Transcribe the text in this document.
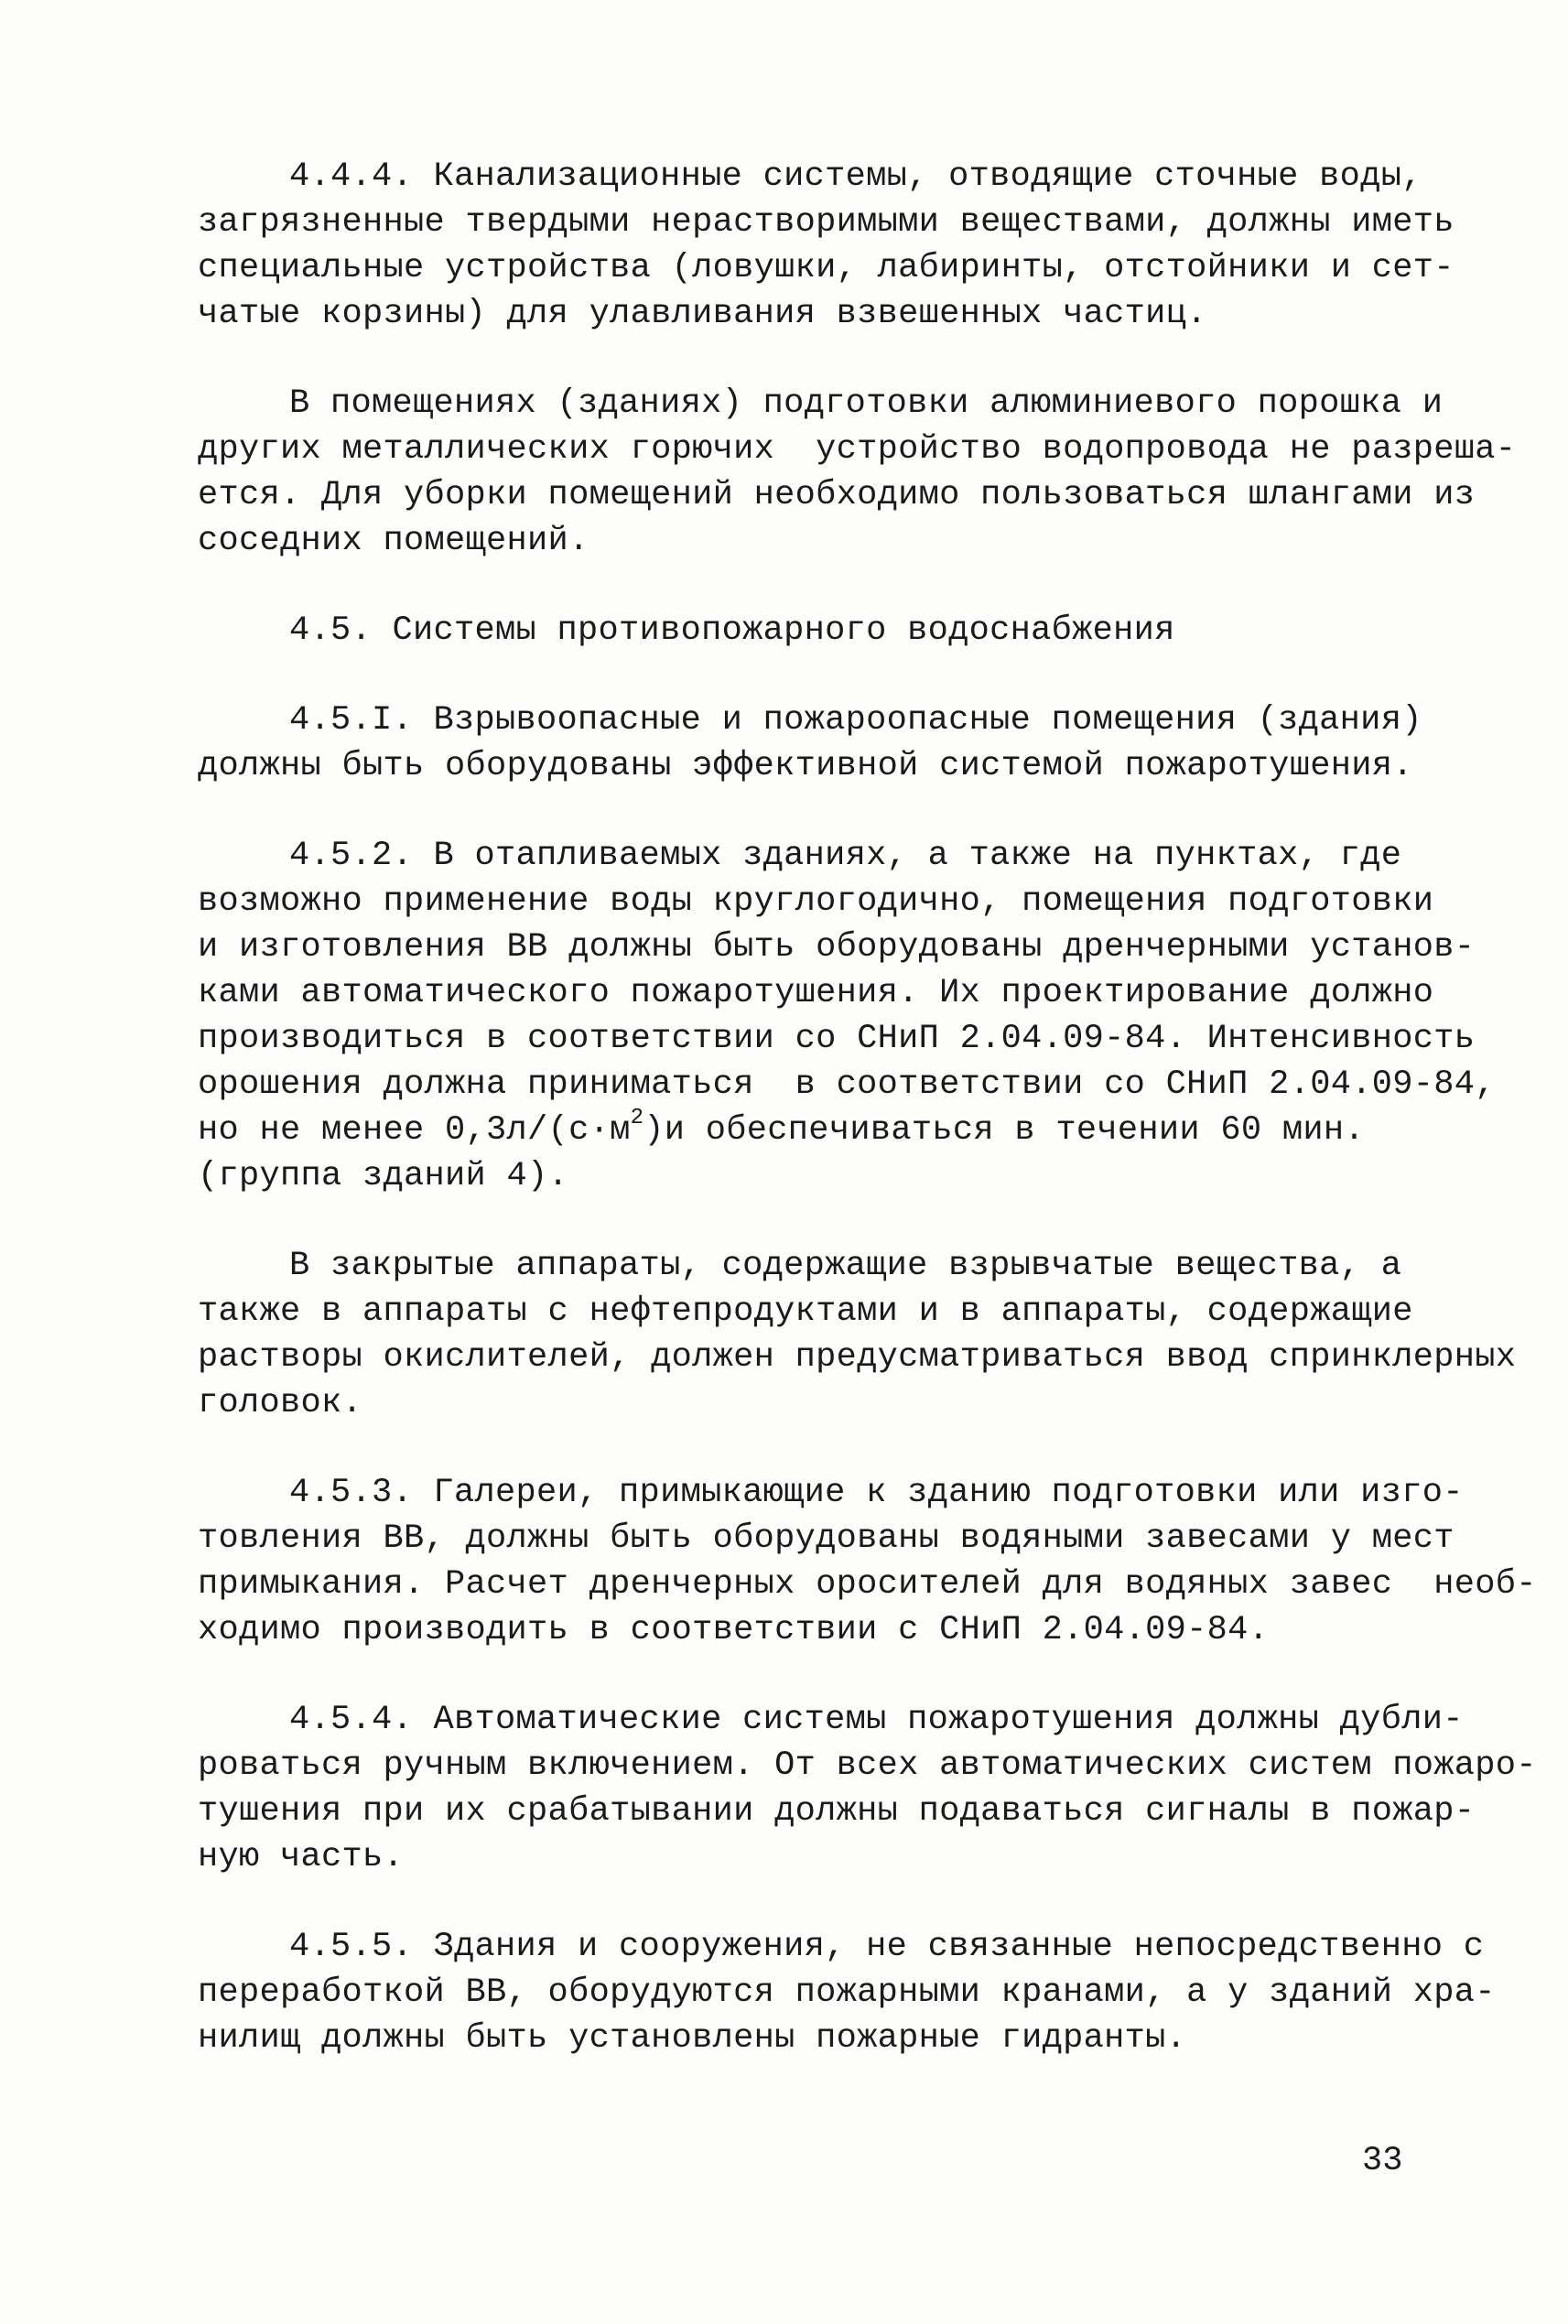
4.4.4. Канализационные системы, отводящие сточные воды,
загрязненные твердыми нерастворимыми веществами, должны иметь
специальные устройства (ловушки, лабиринты, отстойники и сет-
чатые корзины) для улавливания взвешенных частиц.

В помещениях (зданиях) подготовки алюминиевого порошка и
других металлических горючих  устройство водопровода не разреша-
ется. Для уборки помещений необходимо пользоваться шлангами из
соседних помещений.

4.5. Системы противопожарного водоснабжения

4.5.I. Взрывоопасные и пожароопасные помещения (здания)
должны быть оборудованы эффективной системой пожаротушения.

4.5.2. В отапливаемых зданиях, а также на пунктах, где
возможно применение воды круглогодично, помещения подготовки
и изготовления ВВ должны быть оборудованы дренчерными установ-
ками автоматического пожаротушения. Их проектирование должно
производиться в соответствии со СНиП 2.04.09-84. Интенсивность
орошения должна приниматься  в соответствии со СНиП 2.04.09-84,
но не менее $0,3л/(с\cdot м^2)и$ обеспечиваться в течении 60 мин.
(группа зданий 4).

В закрытые аппараты, содержащие взрывчатые вещества, а
также в аппараты с нефтепродуктами и в аппараты, содержащие
растворы окислителей, должен предусматриваться ввод спринклерных
головок.

4.5.3. Галереи, примыкающие к зданию подготовки или изго-
товления ВВ, должны быть оборудованы водяными завесами у мест
примыкания. Расчет дренчерных оросителей для водяных завес  необ-
ходимо производить в соответствии с СНиП 2.04.09-84.

4.5.4. Автоматические системы пожаротушения должны дубли-
роваться ручным включением. От всех автоматических систем пожаро-
тушения при их срабатывании должны подаваться сигналы в пожар-
ную часть.

4.5.5. Здания и сооружения, не связанные непосредственно с
переработкой ВВ, оборудуются пожарными кранами, а у зданий хра-
нилищ должны быть установлены пожарные гидранты.

33
